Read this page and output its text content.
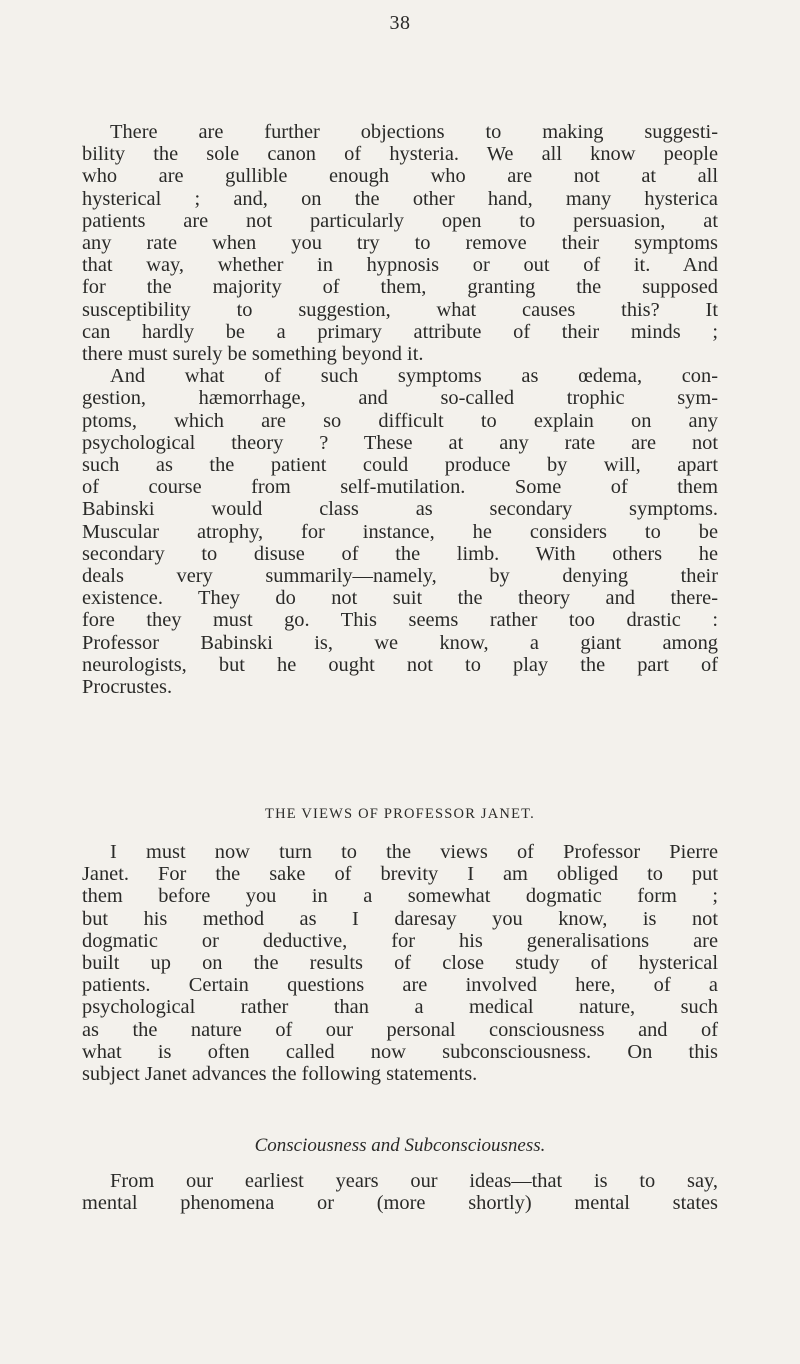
38
There are further objections to making suggesti-
bility the sole canon of hysteria. We all know people
who are gullible enough who are not at all
hysterical ; and, on the other hand, many hysterica
patients are not particularly open to persuasion, at
any rate when you try to remove their symptoms
that way, whether in hypnosis or out of it. And
for the majority of them, granting the supposed
susceptibility to suggestion, what causes this? It
can hardly be a primary attribute of their minds ;
there must surely be something beyond it.
And what of such symptoms as œdema, con-
gestion, hæmorrhage, and so-called trophic sym-
ptoms, which are so difficult to explain on any
psychological theory ? These at any rate are not
such as the patient could produce by will, apart
of course from self-mutilation. Some of them
Babinski would class as secondary symptoms.
Muscular atrophy, for instance, he considers to be
secondary to disuse of the limb. With others he
deals very summarily—namely, by denying their
existence. They do not suit the theory and there-
fore they must go. This seems rather too drastic :
Professor Babinski is, we know, a giant among
neurologists, but he ought not to play the part of
Procrustes.
THE VIEWS OF PROFESSOR JANET.
I must now turn to the views of Professor Pierre
Janet. For the sake of brevity I am obliged to put
them before you in a somewhat dogmatic form ;
but his method as I daresay you know, is not
dogmatic or deductive, for his generalisations are
built up on the results of close study of hysterical
patients. Certain questions are involved here, of a
psychological rather than a medical nature, such
as the nature of our personal consciousness and of
what is often called now subconsciousness. On this
subject Janet advances the following statements.
Consciousness and Subconsciousness.
From our earliest years our ideas—that is to say,
mental phenomena or (more shortly) mental states
